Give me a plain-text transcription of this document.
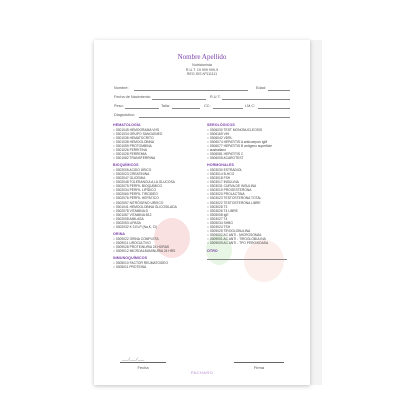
Nombre Apellido
Nutricionista
R.U.T. 19 999 999-9
REG.SIS Nº111111
Nombre:	Edad:
Fecha de Nacimiento:	R.U.T:
Peso:	Talla:	CC:	I.M.C:
Diagnóstico:
HEMATOLOGÍA
□ 0301045 HEMOGRAMA VHS
□ 0301034 GRUPO SANGUÍNEO
□ 0301036 HEMATOCRITO
□ 0301038 HEMOGLOBINA
□ 0301059 PROTOMBINA
□ 0301026 FERRITINA
□ 0301028 FERREMIA
□ 0301082 TRANSFERRINA
BIOQUÍMICOS
□ 0302005 ACIDO ÚRICO
□ 0302023 CREATININA
□ 0302047 GLICEMIA
□ 0302048 TOLERANCIA A LA GLUCOSA
□ 0302075 PERFIL BIOQUÍMICO
□ 0302034 PERFIL LIPÍDICO
□ 0302060 PERFIL TIROIDEO
□ 0302076 PERFIL HEPÁTICO
□ 0302057 NITRÓGENO UREICO
□ 0301041 HEMOGLOBINA GLICOSILADA
□ 0302078 VITAMINA D
□ 0301087 VITAMINA B12
□ 0302008 AMILASA
□ 0302053 LIPASA
□ 0302032 K 3 ELP (Na,K, Cl)
ORINA
□ 0309022 ORINA COMPLETA
□ 0309011 UROCULTIVO
□ 0309028 PROTEINURIA 24 HORAS
□ 0309012 MICROALBUMINURIA 24 HRS
INMUNOQUÍMICOS
□ 0305010 FACTOR REUMATOIDEO
□ 0305011 PROTEINA
SEROLÓGICOS
□ 0306030 TEST MONONUCLEOSIS
□ 0306169 VIH
□ 0306042 VDRL
□ 0306074 HEPATITIS A anticuerpos IgM
□ 0306077 HEPATITIS B antígeno superficie
□ australiano
□ 0306081 HEPATITIS C
□ 0306005 ACAROTEST
HORMONALES
□ 0303030 ESTRADIOL
□ 0303014 B-HCG
□ 0303018 FSH
□ 0303017 INSULINA
□ 0303031 CURVA DE INSULINA
□ 0303019 PROGESTERONA
□ 0303020 PROLACTINA
□ 0303023 TESTOSTERONA TOTAL
□ 0303022 TESTOSTERONA LIBRE
□ 0303028 T3
□ 0303026 T4 LIBRE
□ 0305008 IgE
□ 0303027 T4
□ 0305034 SHBG
□ 0303024 TSH
□ 0309025 TIROGLOBULINA
□ 0309002 AC ANTI - MICROSOMAL
□ 0309001 AC ANTI - TIROGLOBULINA
□ 0309009 AC ANTI - TPO PEROXIDASA
OTRO
___/___/___
Fecha	Firma
PACHARO
